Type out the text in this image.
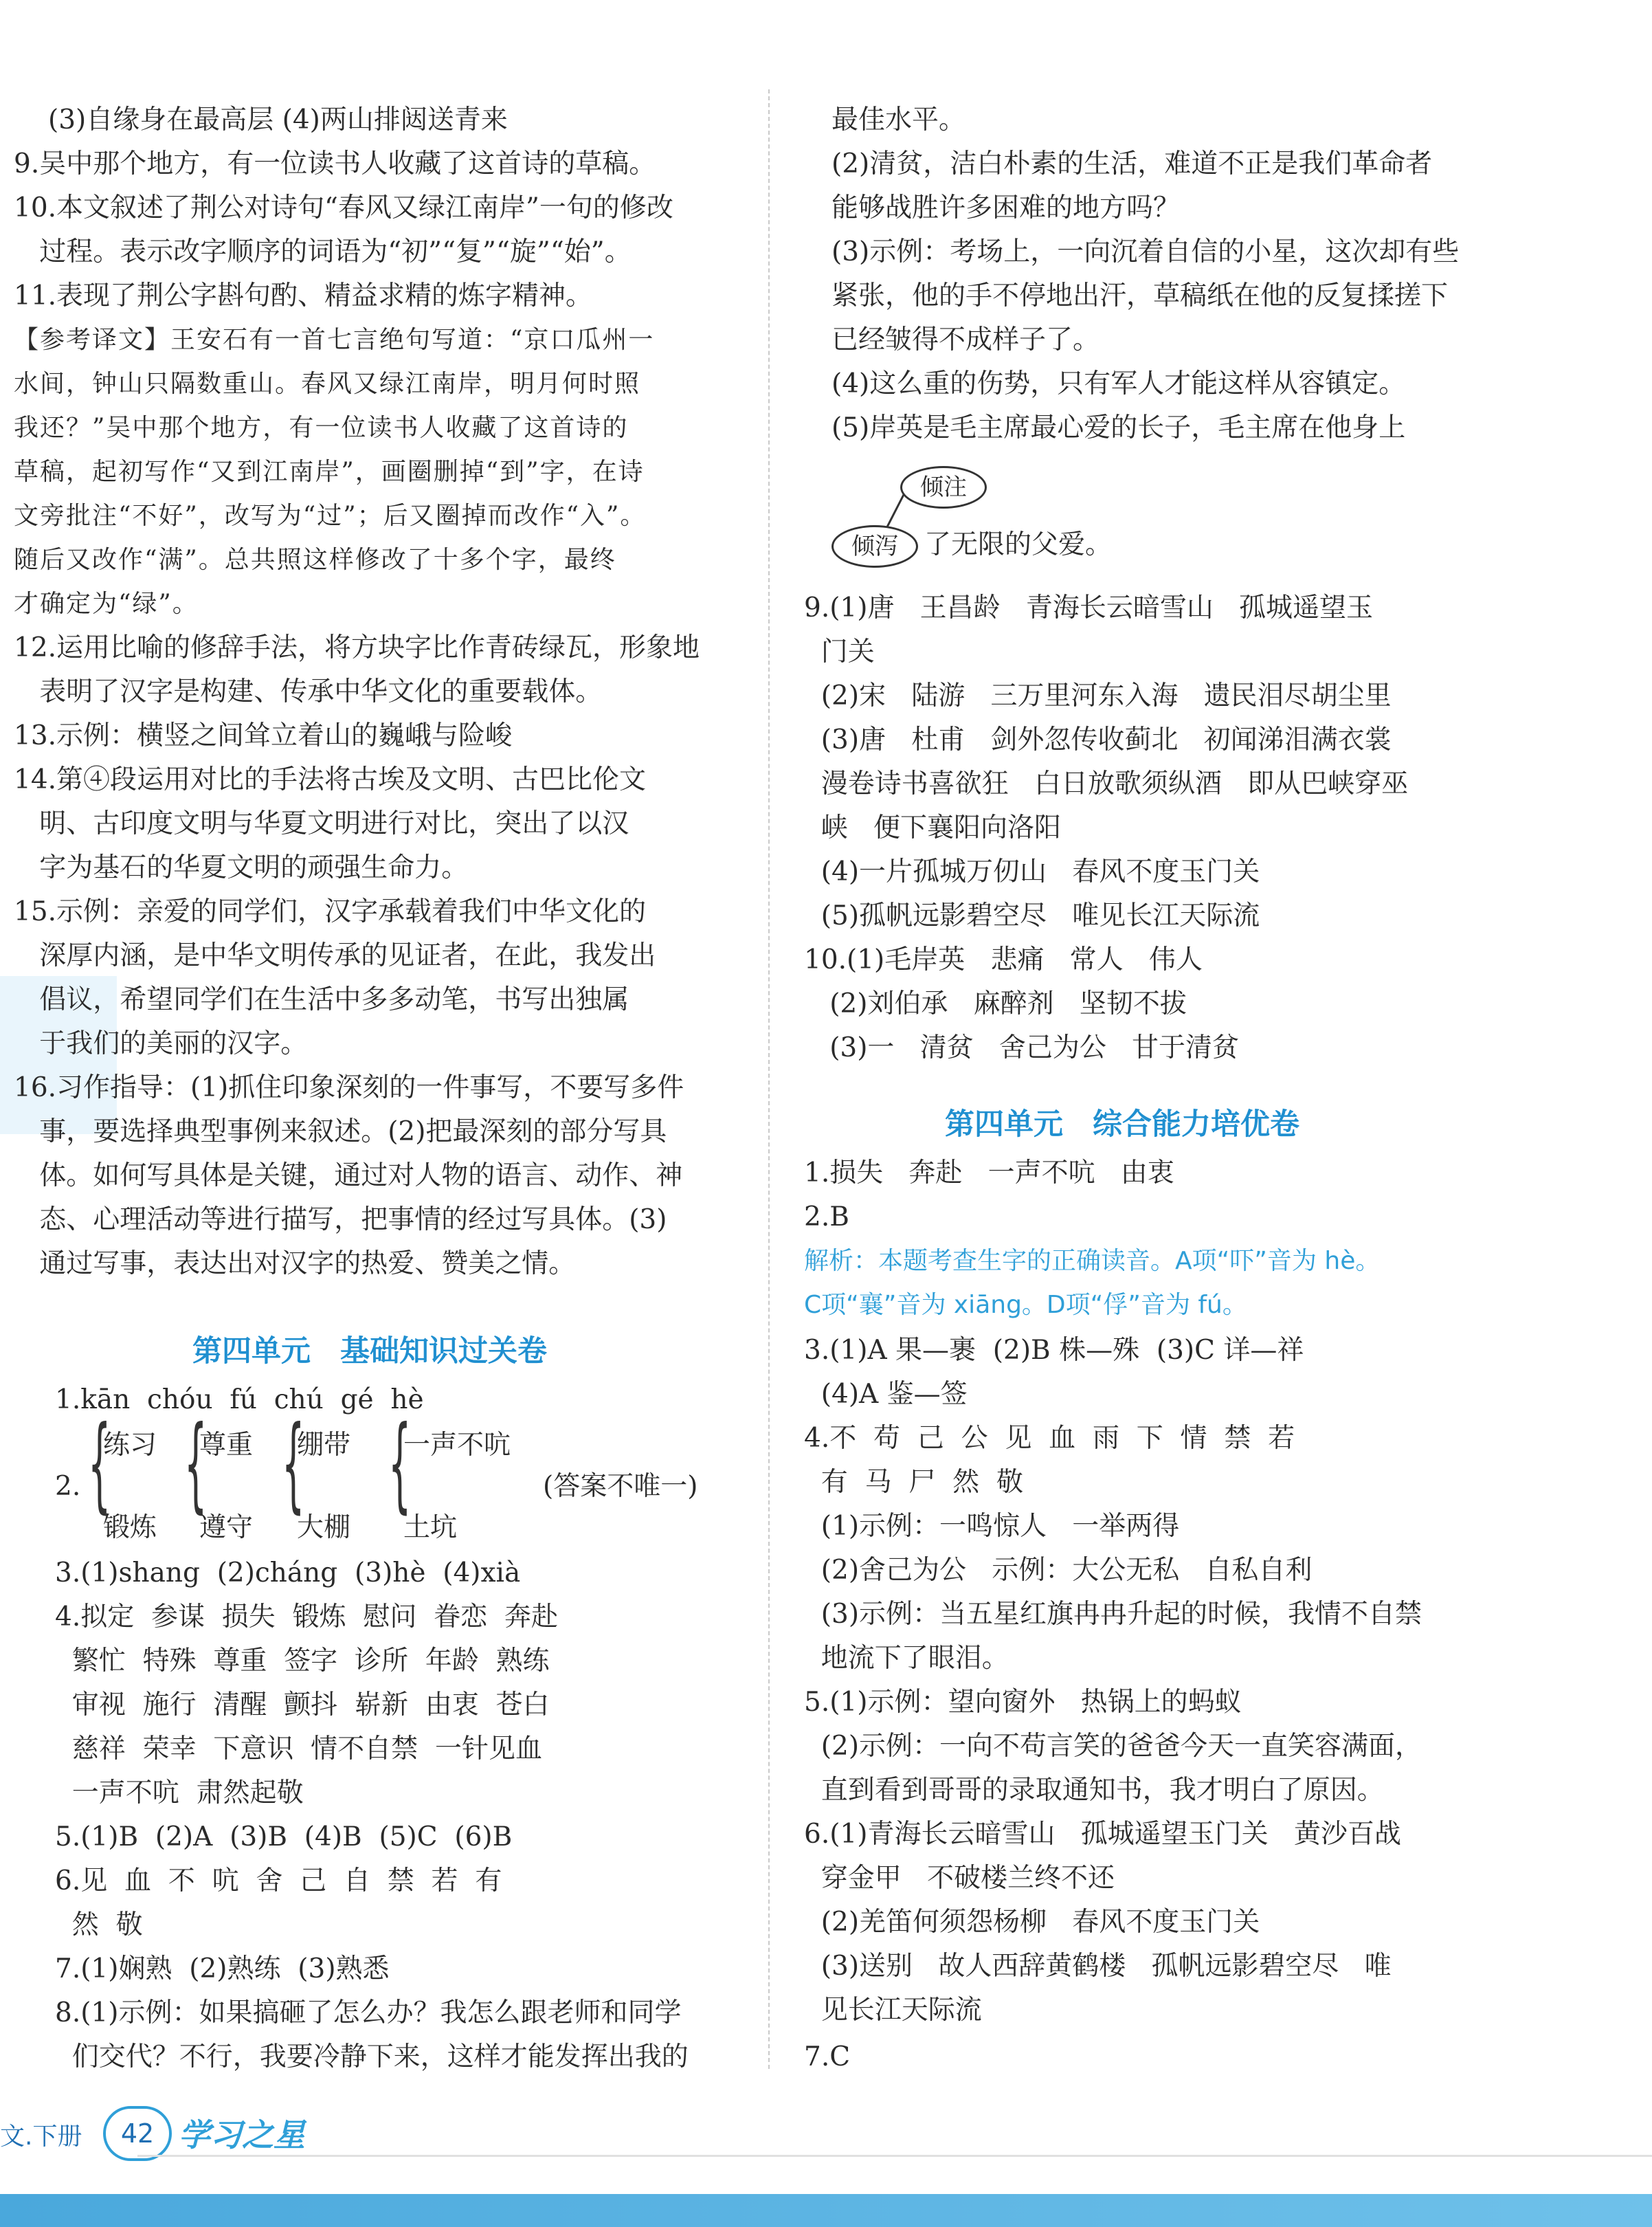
(3)自缘身在最高层 (4)两山排闼送青来
9.吴中那个地方，有一位读书人收藏了这首诗的草稿。
10.本文叙述了荆公对诗句“春风又绿江南岸”一句的修改
过程。表示改字顺序的词语为“初”“复”“旋”“始”。
11.表现了荆公字斟句酌、精益求精的炼字精神。
【参考译文】王安石有一首七言绝句写道：“京口瓜州一
水间，钟山只隔数重山。春风又绿江南岸，明月何时照
我还？”吴中那个地方，有一位读书人收藏了这首诗的
草稿，起初写作“又到江南岸”，画圈删掉“到”字，在诗
文旁批注“不好”，改写为“过”；后又圈掉而改作“入”。
随后又改作“满”。总共照这样修改了十多个字，最终
才确定为“绿”。
12.运用比喻的修辞手法，将方块字比作青砖绿瓦，形象地
表明了汉字是构建、传承中华文化的重要载体。
13.示例：横竖之间耸立着山的巍峨与险峻
14.第④段运用对比的手法将古埃及文明、古巴比伦文
明、古印度文明与华夏文明进行对比，突出了以汉
字为基石的华夏文明的顽强生命力。
15.示例：亲爱的同学们，汉字承载着我们中华文化的
深厚内涵，是中华文明传承的见证者，在此，我发出
倡议，希望同学们在生活中多多动笔，书写出独属
于我们的美丽的汉字。
16.习作指导：(1)抓住印象深刻的一件事写，不要写多件
事，要选择典型事例来叙述。(2)把最深刻的部分写具
体。如何写具体是关键，通过对人物的语言、动作、神
态、心理活动等进行描写，把事情的经过写具体。(3)
通过写事，表达出对汉字的热爱、赞美之情。
第四单元　基础知识过关卷
1.kān  chóu  fú  chú  gé  hè
2. {
练习
锻炼
{
尊重
遵守
{
绷带
大棚
{
一声不吭
土坑
(答案不唯一)
3.(1)shang  (2)cháng  (3)hè  (4)xià
4.拟定  参谋  损失  锻炼  慰问  眷恋  奔赴
繁忙  特殊  尊重  签字  诊所  年龄  熟练
审视  施行  清醒  颤抖  崭新  由衷  苍白
慈祥  荣幸  下意识  情不自禁  一针见血
一声不吭  肃然起敬
5.(1)B  (2)A  (3)B  (4)B  (5)C  (6)B
6.见  血  不  吭  舍  己  自  禁  若  有
然  敬
7.(1)娴熟  (2)熟练  (3)熟悉
8.(1)示例：如果搞砸了怎么办？我怎么跟老师和同学
们交代？不行，我要冷静下来，这样才能发挥出我的
最佳水平。
(2)清贫，洁白朴素的生活，难道不正是我们革命者
能够战胜许多困难的地方吗？
(3)示例：考场上，一向沉着自信的小星，这次却有些
紧张，他的手不停地出汗，草稿纸在他的反复揉搓下
已经皱得不成样子了。
(4)这么重的伤势，只有军人才能这样从容镇定。
(5)岸英是毛主席最心爱的长子，毛主席在他身上
倾注
倾泻 了无限的父爱。
9.(1)唐   王昌龄   青海长云暗雪山   孤城遥望玉
门关
(2)宋   陆游   三万里河东入海   遗民泪尽胡尘里
(3)唐   杜甫   剑外忽传收蓟北   初闻涕泪满衣裳
漫卷诗书喜欲狂   白日放歌须纵酒   即从巴峡穿巫
峡   便下襄阳向洛阳
(4)一片孤城万仞山   春风不度玉门关
(5)孤帆远影碧空尽   唯见长江天际流
10.(1)毛岸英   悲痛   常人   伟人
(2)刘伯承   麻醉剂   坚韧不拔
(3)一   清贫   舍己为公   甘于清贫
第四单元　综合能力培优卷
1.损失   奔赴   一声不吭   由衷
2.B
解析：本题考查生字的正确读音。A项“吓”音为 hè。
C项“襄”音为 xiāng。D项“俘”音为 fú。
3.(1)A 果—裹  (2)B 株—殊  (3)C 详—祥
(4)A 鉴—签
4.不  苟  己  公  见  血  雨  下  情  禁  若
有  马  尸  然  敬
(1)示例：一鸣惊人   一举两得
(2)舍己为公   示例：大公无私   自私自利
(3)示例：当五星红旗冉冉升起的时候，我情不自禁
地流下了眼泪。
5.(1)示例：望向窗外   热锅上的蚂蚁
(2)示例：一向不苟言笑的爸爸今天一直笑容满面，
直到看到哥哥的录取通知书，我才明白了原因。
6.(1)青海长云暗雪山   孤城遥望玉门关   黄沙百战
穿金甲   不破楼兰终不还
(2)羌笛何须怨杨柳   春风不度玉门关
(3)送别   故人西辞黄鹤楼   孤帆远影碧空尽   唯
见长江天际流
7.C
文.下册	42 学习之星
